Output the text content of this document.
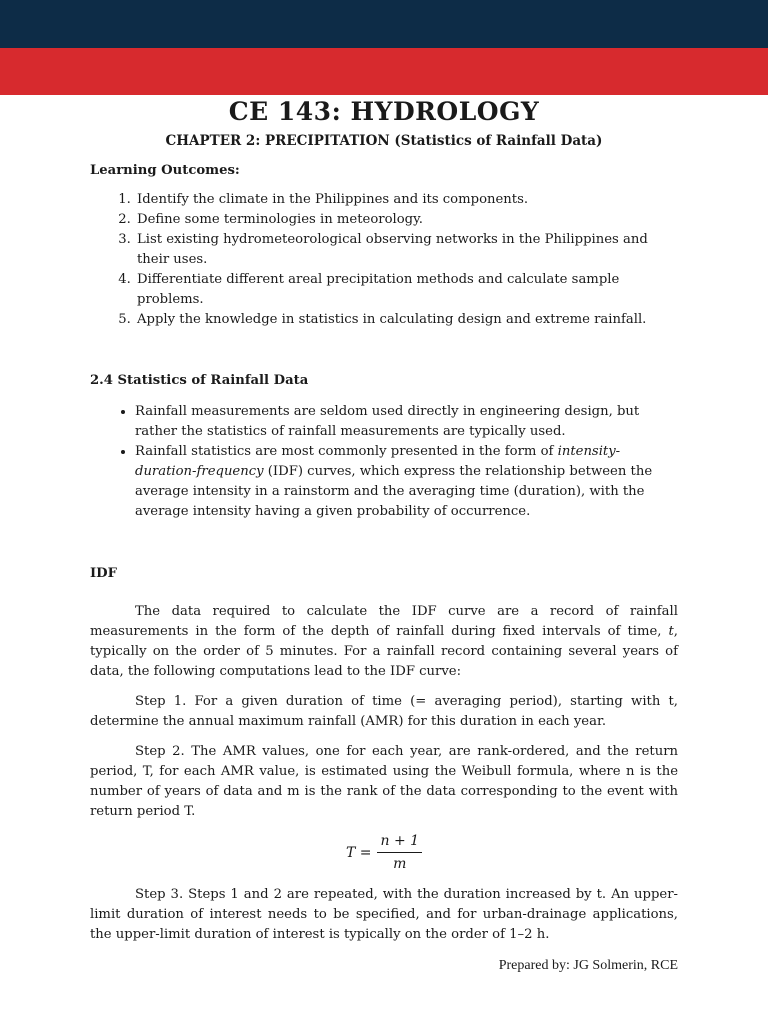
CE 143: HYDROLOGY
CHAPTER 2: PRECIPITATION (Statistics of Rainfall Data)
Learning Outcomes:
1. Identify the climate in the Philippines and its components.
2. Define some terminologies in meteorology.
3. List existing hydrometeorological observing networks in the Philippines and their uses.
4. Differentiate different areal precipitation methods and calculate sample problems.
5. Apply the knowledge in statistics in calculating design and extreme rainfall.
2.4 Statistics of Rainfall Data
• Rainfall measurements are seldom used directly in engineering design, but rather the statistics of rainfall measurements are typically used.
• Rainfall statistics are most commonly presented in the form of intensity-duration-frequency (IDF) curves, which express the relationship between the average intensity in a rainstorm and the averaging time (duration), with the average intensity having a given probability of occurrence.
IDF

The data required to calculate the IDF curve are a record of rainfall measurements in the form of the depth of rainfall during fixed intervals of time, t, typically on the order of 5 minutes. For a rainfall record containing several years of data, the following computations lead to the IDF curve:

Step 1. For a given duration of time (= averaging period), starting with t, determine the annual maximum rainfall (AMR) for this duration in each year.

Step 2. The AMR values, one for each year, are rank-ordered, and the return period, T, for each AMR value, is estimated using the Weibull formula, where n is the number of years of data and m is the rank of the data corresponding to the event with return period T.

$T = \frac{n + 1}{m}$

Step 3. Steps 1 and 2 are repeated, with the duration increased by t. An upper-limit duration of interest needs to be specified, and for urban-drainage applications, the upper-limit duration of interest is typically on the order of 1–2 h.

Prepared by: JG Solmerin, RCE
